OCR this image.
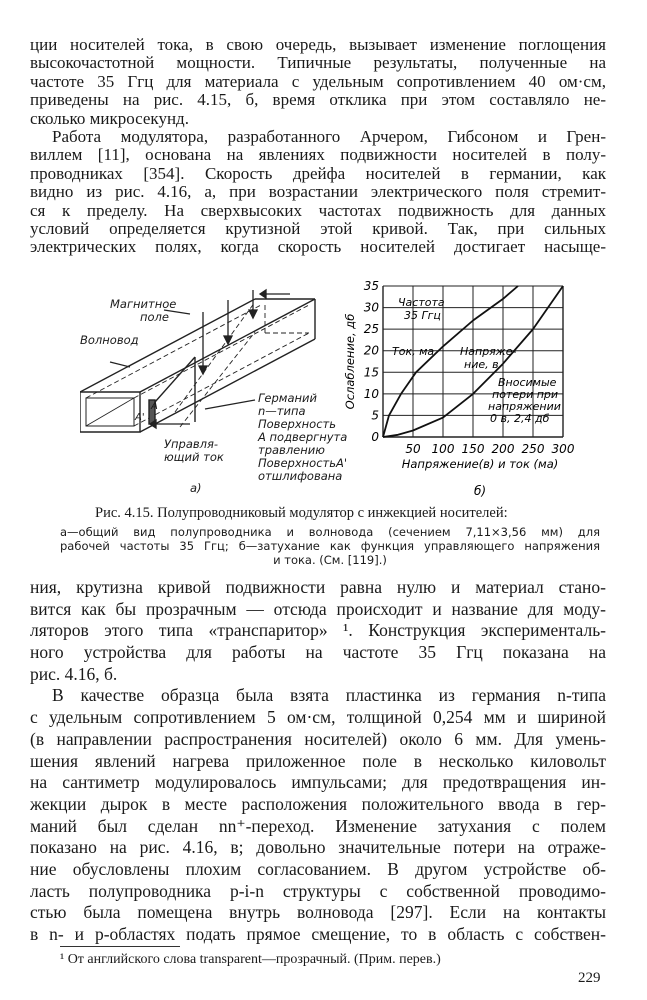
ции носителей тока, в свою очередь, вызывает изменение поглощения
высокочастотной мощности. Типичные результаты, полученные на
частоте 35 Ггц для материала с удельным сопротивлением 40 ом·см,
приведены на рис. 4.15, б, время отклика при этом составляло не-
сколько микросекунд.
Работа модулятора, разработанного Арчером, Гибсоном и Грен-
виллем [11], основана на явлениях подвижности носителей в полу-
проводниках [354]. Скорость дрейфа носителей в германии, как
видно из рис. 4.16, а, при возрастании электрического поля стремит-
ся к пределу. На сверхвысоких частотах подвижность для данных
условий определяется крутизной этой кривой. Так, при сильных
электрических полях, когда скорость носителей достигает насыще-
Магнитное
поле
Волновод
А
А'
Германий
n—типа
Поверхность
А подвергнута
травлению
ПоверхностьА'
отшлифована
Управля-
ющий ток
а)
0
5
10
15
20
25
30
35
50 100 150 200 250 300
Напряжение(в) и ток (ма)
Ослабление, дб
Частота
35 Ггц
Ток, ма Напряже-
ние, в
Вносимые
потери при
напряжении
0 в, 2,4 дб
б)
Рис. 4.15. Полупроводниковый модулятор с инжекцией носителей:
а—общий вид полупроводника и волновода (сечением 7,11×3,56 мм) для
рабочей частоты 35 Ггц; б—затухание как функция управляющего напряжения
и тока. (См. [119].)
ния, крутизна кривой подвижности равна нулю и материал стано-
вится как бы прозрачным — отсюда происходит и название для моду-
ляторов этого типа «транспаритор» ¹. Конструкция эксперименталь-
ного устройства для работы на частоте 35 Ггц показана на
рис. 4.16, б.
В качестве образца была взята пластинка из германия n-типа
с удельным сопротивлением 5 ом·см, толщиной 0,254 мм и шириной
(в направлении распространения носителей) около 6 мм. Для умень-
шения явлений нагрева приложенное поле в несколько киловольт
на сантиметр модулировалось импульсами; для предотвращения ин-
жекции дырок в месте расположения положительного ввода в гер-
маний был сделан nn⁺-переход. Изменение затухания с полем
показано на рис. 4.16, в; довольно значительные потери на отраже-
ние обусловлены плохим согласованием. В другом устройстве об-
ласть полупроводника p-i-n структуры с собственной проводимо-
стью была помещена внутрь волновода [297]. Если на контакты
в n- и p-областях подать прямое смещение, то в область с собствен-
¹ От английского слова transparent—прозрачный. (Прим. перев.)
229
